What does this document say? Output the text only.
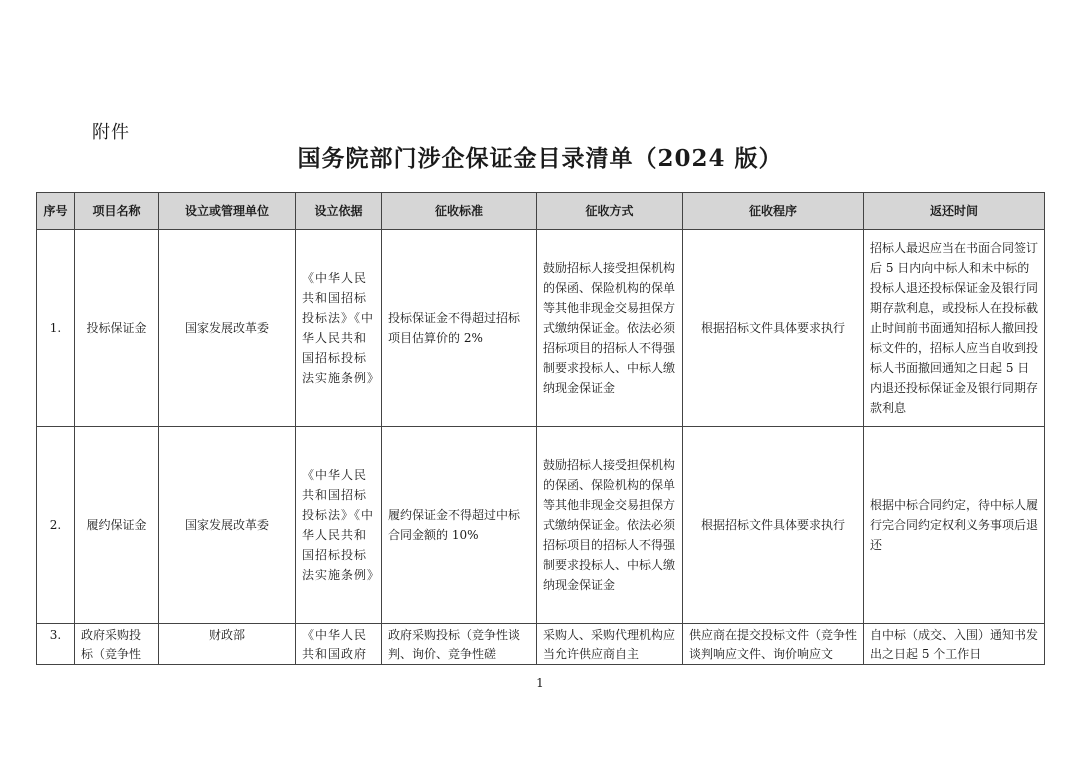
附件
国务院部门涉企保证金目录清单（2024 版）
序号	项目名称	设立或管理单位	设立依据	征收标准	征收方式	征收程序	返还时间
1.	投标保证金	国家发展改革委	《中华人民共和国招标投标法》《中华人民共和国招标投标法实施条例》	投标保证金不得超过招标项目估算价的 2%	鼓励招标人接受担保机构的保函、保险机构的保单等其他非现金交易担保方式缴纳保证金。依法必须招标项目的招标人不得强制要求投标人、中标人缴纳现金保证金	根据招标文件具体要求执行	招标人最迟应当在书面合同签订后 5 日内向中标人和未中标的投标人退还投标保证金及银行同期存款利息，或投标人在投标截止时间前书面通知招标人撤回投标文件的，招标人应当自收到投标人书面撤回通知之日起 5 日内退还投标保证金及银行同期存款利息
2.	履约保证金	国家发展改革委	《中华人民共和国招标投标法》《中华人民共和国招标投标法实施条例》	履约保证金不得超过中标合同金额的 10%	鼓励招标人接受担保机构的保函、保险机构的保单等其他非现金交易担保方式缴纳保证金。依法必须招标项目的招标人不得强制要求投标人、中标人缴纳现金保证金	根据招标文件具体要求执行	根据中标合同约定，待中标人履行完合同约定权利义务事项后退还
3.	政府采购投标（竞争性	财政部	《中华人民共和国政府	政府采购投标（竞争性谈判、询价、竞争性磋	采购人、采购代理机构应当允许供应商自主	供应商在提交投标文件（竞争性谈判响应文件、询价响应文	自中标（成交、入围）通知书发出之日起 5 个工作日
1
